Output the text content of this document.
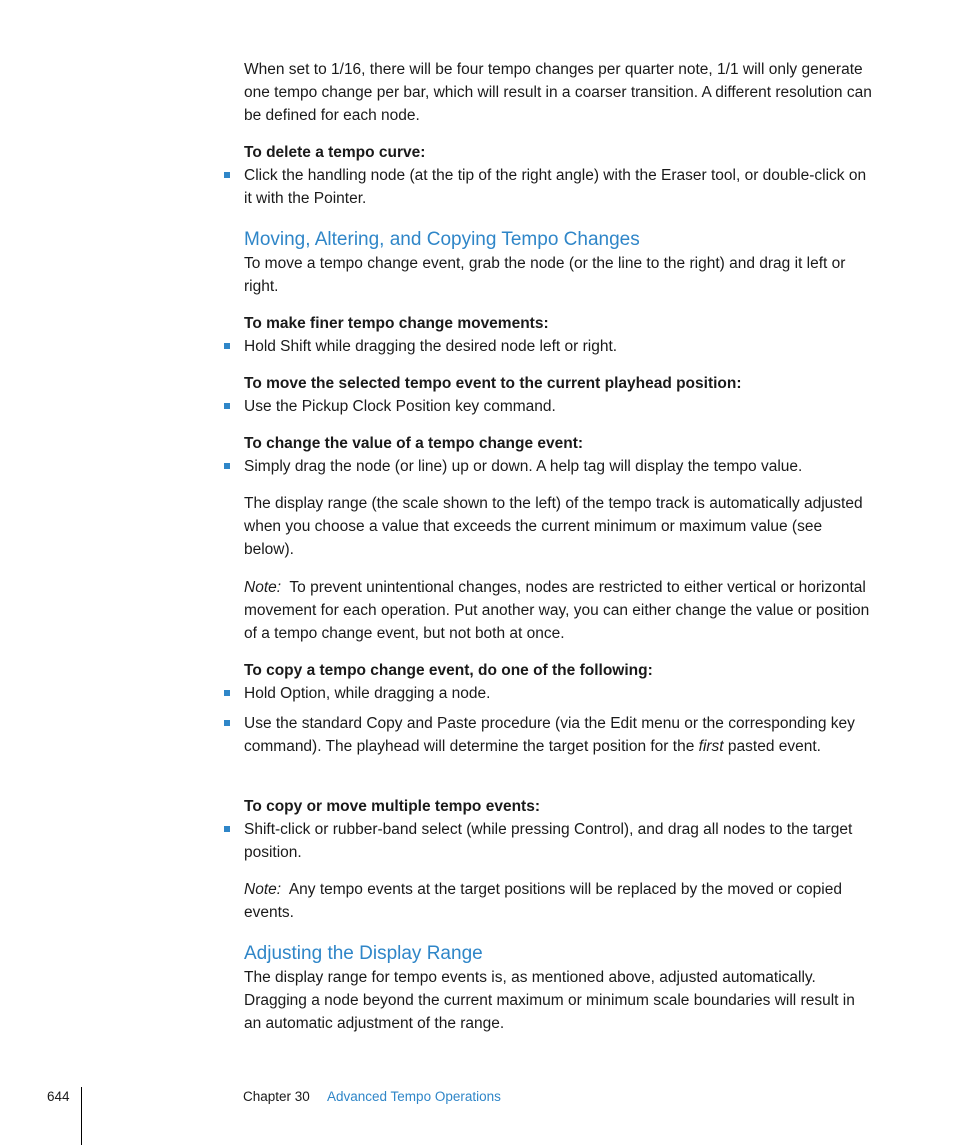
When set to 1/16, there will be four tempo changes per quarter note, 1/1 will only generate one tempo change per bar, which will result in a coarser transition. A different resolution can be defined for each node.

To delete a tempo curve:

Click the handling node (at the tip of the right angle) with the Eraser tool, or double-click on it with the Pointer.
Moving, Altering, and Copying Tempo Changes

To move a tempo change event, grab the node (or the line to the right) and drag it left or right.

To make finer tempo change movements:

Hold Shift while dragging the desired node left or right.

To move the selected tempo event to the current playhead position:

Use the Pickup Clock Position key command.

To change the value of a tempo change event:

Simply drag the node (or line) up or down. A help tag will display the tempo value.

The display range (the scale shown to the left) of the tempo track is automatically adjusted when you choose a value that exceeds the current minimum or maximum value (see below).

Note: To prevent unintentional changes, nodes are restricted to either vertical or horizontal movement for each operation. Put another way, you can either change the value or position of a tempo change event, but not both at once.

To copy a tempo change event, do one of the following:

Hold Option, while dragging a node.
Use the standard Copy and Paste procedure (via the Edit menu or the corresponding key command). The playhead will determine the target position for the first pasted event.

To copy or move multiple tempo events:

Shift-click or rubber-band select (while pressing Control), and drag all nodes to the target position.

Note: Any tempo events at the target positions will be replaced by the moved or copied events.

Adjusting the Display Range

The display range for tempo events is, as mentioned above, adjusted automatically. Dragging a node beyond the current maximum or minimum scale boundaries will result in an automatic adjustment of the range.

644	Chapter 30 Advanced Tempo Operations
